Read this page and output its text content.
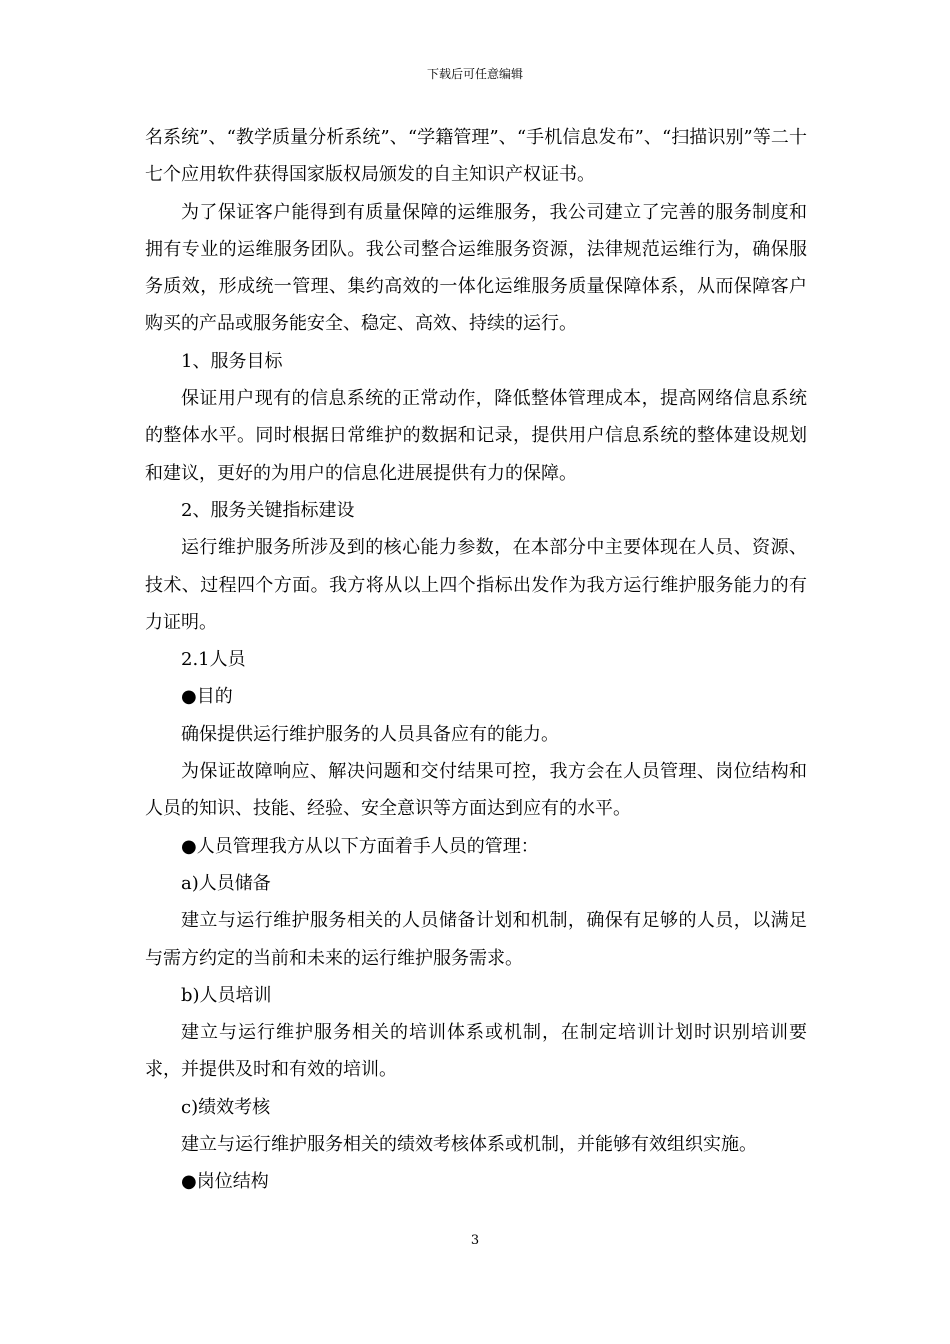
下载后可任意编辑

名系统”、“教学质量分析系统”、“学籍管理”、“手机信息发布”、“扫描识别”等二十七个应用软件获得国家版权局颁发的自主知识产权证书。

为了保证客户能得到有质量保障的运维服务，我公司建立了完善的服务制度和拥有专业的运维服务团队。我公司整合运维服务资源，法律规范运维行为，确保服务质效，形成统一管理、集约高效的一体化运维服务质量保障体系，从而保障客户购买的产品或服务能安全、稳定、高效、持续的运行。

1、服务目标

保证用户现有的信息系统的正常动作，降低整体管理成本，提高网络信息系统的整体水平。同时根据日常维护的数据和记录，提供用户信息系统的整体建设规划和建议，更好的为用户的信息化进展提供有力的保障。

2、服务关键指标建设

运行维护服务所涉及到的核心能力参数，在本部分中主要体现在人员、资源、技术、过程四个方面。我方将从以上四个指标出发作为我方运行维护服务能力的有力证明。

2.1人员

●目的

确保提供运行维护服务的人员具备应有的能力。

为保证故障响应、解决问题和交付结果可控，我方会在人员管理、岗位结构和人员的知识、技能、经验、安全意识等方面达到应有的水平。

●人员管理我方从以下方面着手人员的管理：

a)人员储备

建立与运行维护服务相关的人员储备计划和机制，确保有足够的人员，以满足与需方约定的当前和未来的运行维护服务需求。

b)人员培训

建立与运行维护服务相关的培训体系或机制，在制定培训计划时识别培训要求，并提供及时和有效的培训。

c)绩效考核

建立与运行维护服务相关的绩效考核体系或机制，并能够有效组织实施。

●岗位结构

3
